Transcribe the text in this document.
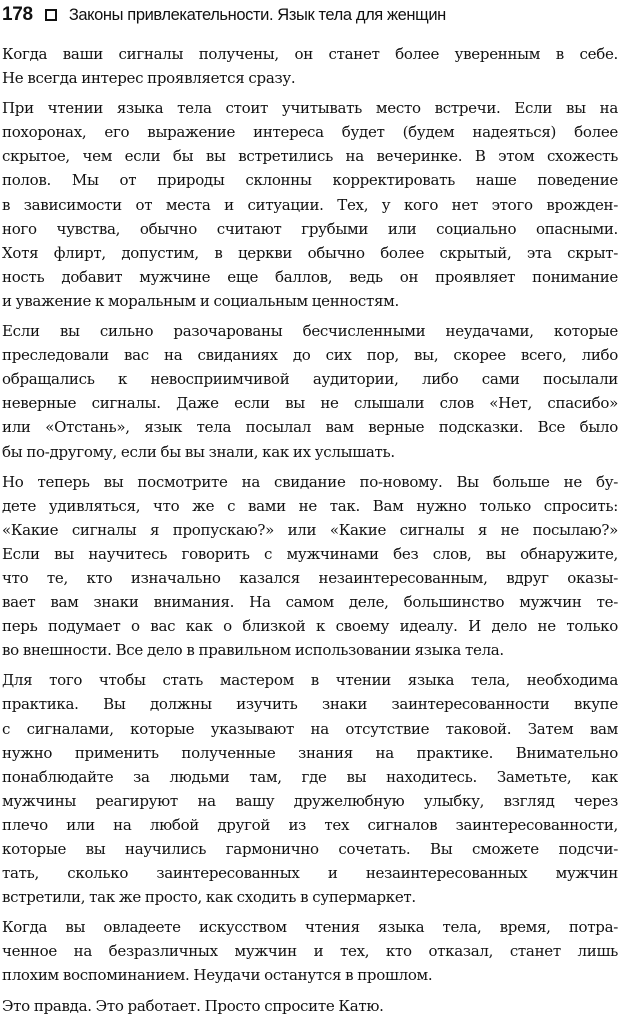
178 Законы привлекательности. Язык тела для женщин
Когда ваши сигналы получены, он станет более уверенным в себе.
Не всегда интерес проявляется сразу.
При чтении языка тела стоит учитывать место встречи. Если вы на
похоронах, его выражение интереса будет (будем надеяться) более
скрытое, чем если бы вы встретились на вечеринке. В этом схожесть
полов. Мы от природы склонны корректировать наше поведение
в зависимости от места и ситуации. Тех, у кого нет этого врожден-
ного чувства, обычно считают грубыми или социально опасными.
Хотя флирт, допустим, в церкви обычно более скрытый, эта скрыт-
ность добавит мужчине еще баллов, ведь он проявляет понимание
и уважение к моральным и социальным ценностям.
Если вы сильно разочарованы бесчисленными неудачами, которые
преследовали вас на свиданиях до сих пор, вы, скорее всего, либо
обращались к невосприимчивой аудитории, либо сами посылали
неверные сигналы. Даже если вы не слышали слов «Нет, спасибо»
или «Отстань», язык тела посылал вам верные подсказки. Все было
бы по-другому, если бы вы знали, как их услышать.
Но теперь вы посмотрите на свидание по-новому. Вы больше не бу-
дете удивляться, что же с вами не так. Вам нужно только спросить:
«Какие сигналы я пропускаю?» или «Какие сигналы я не посылаю?»
Если вы научитесь говорить с мужчинами без слов, вы обнаружите,
что те, кто изначально казался незаинтересованным, вдруг оказы-
вает вам знаки внимания. На самом деле, большинство мужчин те-
перь подумает о вас как о близкой к своему идеалу. И дело не только
во внешности. Все дело в правильном использовании языка тела.
Для того чтобы стать мастером в чтении языка тела, необходима
практика. Вы должны изучить знаки заинтересованности вкупе
с сигналами, которые указывают на отсутствие таковой. Затем вам
нужно применить полученные знания на практике. Внимательно
понаблюдайте за людьми там, где вы находитесь. Заметьте, как
мужчины реагируют на вашу дружелюбную улыбку, взгляд через
плечо или на любой другой из тех сигналов заинтересованности,
которые вы научились гармонично сочетать. Вы сможете подсчи-
тать, сколько заинтересованных и незаинтересованных мужчин
встретили, так же просто, как сходить в супермаркет.
Когда вы овладеете искусством чтения языка тела, время, потра-
ченное на безразличных мужчин и тех, кто отказал, станет лишь
плохим воспоминанием. Неудачи останутся в прошлом.
Это правда. Это работает. Просто спросите Катю.
